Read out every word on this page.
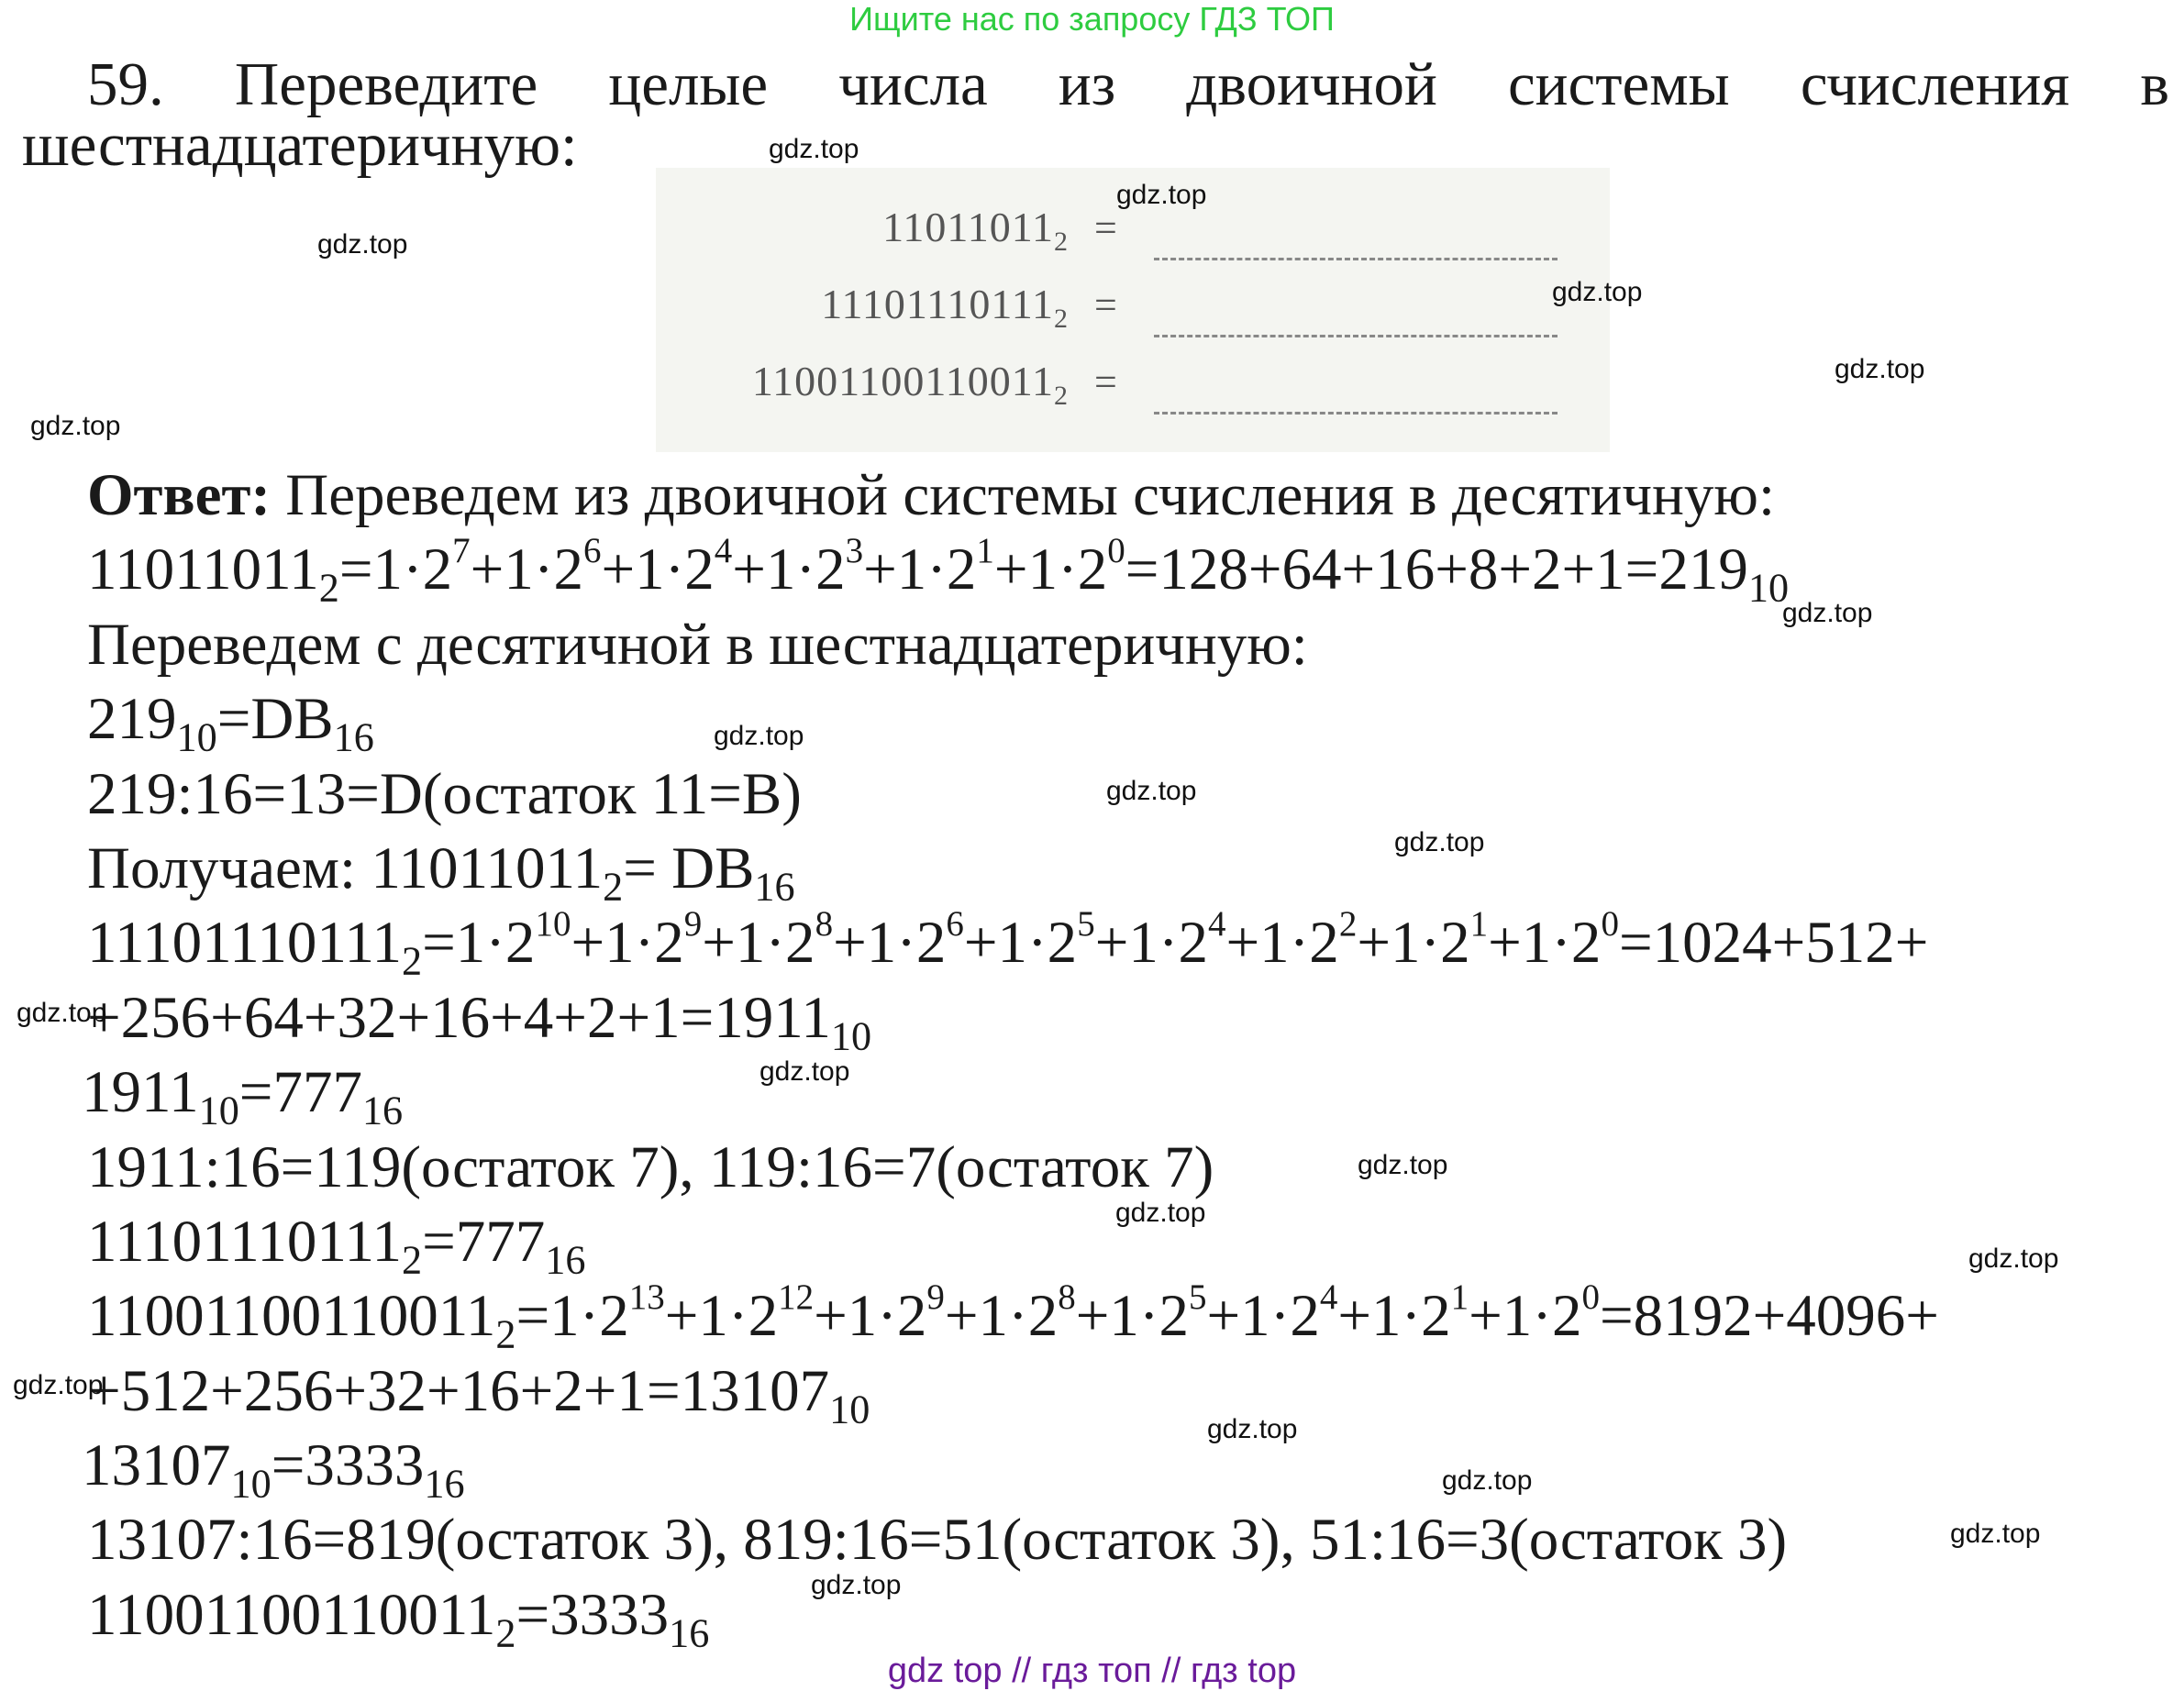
Ищите нас по запросу ГДЗ ТОП
59. Переведите целые числа из двоичной системы счисления в
шестнадцатеричную:
$11011011_2$ =
$11101110111_2$ =
$11001100110011_2$ =
Ответ: Переведем из двоичной системы счисления в десятичную:
$11011011_2=1\cdot 2^7+1\cdot 2^6+1\cdot 2^4+1\cdot 2^3+1\cdot 2^1+1\cdot 2^0=128+64+16+8+2+1=219_{10}$
Переведем с десятичной в шестнадцатеричную:
$219_{10}=DB_{16}$
219:16=13=D(остаток 11=B)
Получаем: $11011011_2= DB_{16}$
$11101110111_2=1\cdot 2^{10}+1\cdot 2^9+1\cdot 2^8+1\cdot 2^6+1\cdot 2^5+1\cdot 2^4+1\cdot 2^2+1\cdot 2^1+1\cdot 2^0=1024+512+$
$+256+64+32+16+4+2+1=1911_{10}$
$1911_{10}=777_{16}$
1911:16=119(остаток 7), 119:16=7(остаток 7)
$11101110111_2=777_{16}$
$11001100110011_2=1\cdot 2^{13}+1\cdot 2^{12}+1\cdot 2^9+1\cdot 2^8+1\cdot 2^5+1\cdot 2^4+1\cdot 2^1+1\cdot 2^0=8192+4096+$
$+512+256+32+16+2+1=13107_{10}$
$13107_{10}=3333_{16}$
13107:16=819(остаток 3), 819:16=51(остаток 3), 51:16=3(остаток 3)
$11001100110011_2=3333_{16}$
gdz.top
gdz.top
gdz.top
gdz.top
gdz.top
gdz.top
gdz.top
gdz.top
gdz.top
gdz.top
gdz.top
gdz.top
gdz.top
gdz.top
gdz.top
gdz.top
gdz.top
gdz.top
gdz.top
gdz.top
gdz top // гдз топ // гдз top
